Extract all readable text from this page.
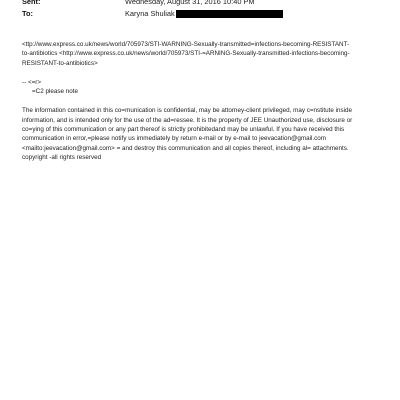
Sent:	Wednesday, August 31, 2016 10:40 PM
To:	Karyna Shuliak

<ttp://www.express.co.uk/news/world/705973/STI-WARNING-Sexually-transmitted=infections-becoming-RESISTANT-
to-antibiotics <http://www.express.co.uk/news/world/705973/STI-=ARNING-Sexually-transmitted-infections-becoming-
RESISTANT-to-antibiotics>

-- <=r>

=C2 please note

The information contained in this co=munication is confidential, may be attorney-client privileged, may c=nstitute inside
information, and is intended only for the use of the ad=ressee. It is the property of JEE Unauthorized use, disclosure or
co=ying of this communication or any part thereof is strictly prohibitedand may be unlawful. If you have received this
communication in error,=please notify us immediately by return e-mail or by e-mail to jeevacation@gmail.com
<mailto:jeevacation@gmail.com> = and destroy this communication and all copies thereof, including al= attachments.
copyright -all rights reserved
